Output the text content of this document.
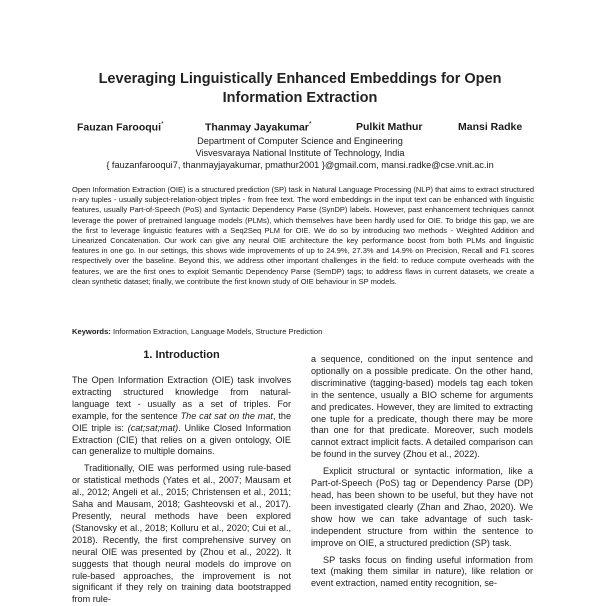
Leveraging Linguistically Enhanced Embeddings for Open Information Extraction
Fauzan Farooqui*	Thanmay Jayakumar*	Pulkit Mathur	Mansi Radke
Department of Computer Science and Engineering
Visvesvaraya National Institute of Technology, India
{ fauzanfarooqui7, thanmayjayakumar, pmathur2001 }@gmail.com, mansi.radke@cse.vnit.ac.in
Open Information Extraction (OIE) is a structured prediction (SP) task in Natural Language Processing (NLP) that aims to extract structured n-ary tuples - usually subject-relation-object triples - from free text. The word embeddings in the input text can be enhanced with linguistic features, usually Part-of-Speech (PoS) and Syntactic Dependency Parse (SynDP) labels. However, past enhancement techniques cannot leverage the power of pretrained language models (PLMs), which themselves have been hardly used for OIE. To bridge this gap, we are the first to leverage linguistic features with a Seq2Seq PLM for OIE. We do so by introducing two methods - Weighted Addition and Linearized Concatenation. Our work can give any neural OIE architecture the key performance boost from both PLMs and linguistic features in one go. In our settings, this shows wide improvements of up to 24.9%, 27.3% and 14.9% on Precision, Recall and F1 scores respectively over the baseline. Beyond this, we address other important challenges in the field: to reduce compute overheads with the features, we are the first ones to exploit Semantic Dependency Parse (SemDP) tags; to address flaws in current datasets, we create a clean synthetic dataset; finally, we contribute the first known study of OIE behaviour in SP models.
Keywords: Information Extraction, Language Models, Structure Prediction
1. Introduction

The Open Information Extraction (OIE) task involves extracting structured knowledge from natural-language text - usually as a set of triples. For example, for the sentence The cat sat on the mat, the OIE triple is: (cat;sat;mat). Unlike Closed Information Extraction (CIE) that relies on a given ontology, OIE can generalize to multiple domains.

Traditionally, OIE was performed using rule-based or statistical methods (Yates et al., 2007; Mausam et al., 2012; Angeli et al., 2015; Christensen et al., 2011; Saha and Mausam, 2018; Gashteovski et al., 2017). Presently, neural methods have been explored (Stanovsky et al., 2018; Kolluru et al., 2020; Cui et al., 2018). Recently, the first comprehensive survey on neural OIE was presented by (Zhou et al., 2022). It suggests that though neural models do improve on rule-based approaches, the improvement is not significant if they rely on training data bootstrapped from rule-

a sequence, conditioned on the input sentence and optionally on a possible predicate. On the other hand, discriminative (tagging-based) models tag each token in the sentence, usually a BIO scheme for arguments and predicates. However, they are limited to extracting one tuple for a predicate, though there may be more than one for that predicate. Moreover, such models cannot extract implicit facts. A detailed comparison can be found in the survey (Zhou et al., 2022).

Explicit structural or syntactic information, like a Part-of-Speech (PoS) tag or Dependency Parse (DP) head, has been shown to be useful, but they have not been investigated clearly (Zhan and Zhao, 2020). We show how we can take advantage of such task-independent structure from within the sentence to improve on OIE, a structured prediction (SP) task.

SP tasks focus on finding useful information from text (making them similar in nature), like relation or event extraction, named entity recognition, se-
